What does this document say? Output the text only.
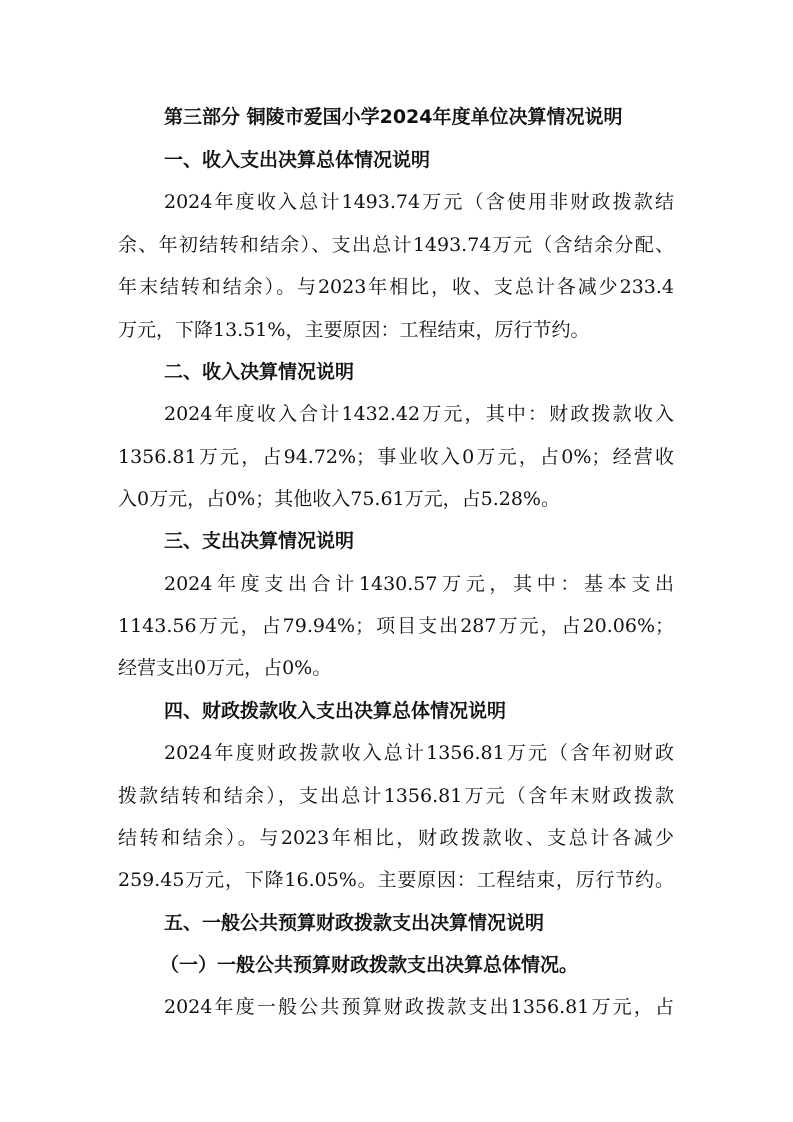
第三部分 铜陵市爱国小学2024年度单位决算情况说明
一、收入支出决算总体情况说明
2024年度收入总计1493.74万元（含使用非财政拨款结
余、年初结转和结余）、支出总计1493.74万元（含结余分配、
年末结转和结余）。与2023年相比，收、支总计各减少233.4
万元，下降13.51%，主要原因：工程结束，厉行节约。
二、收入决算情况说明
2024年度收入合计1432.42万元，其中：财政拨款收入
1356.81万元，占94.72%；事业收入0万元，占0%；经营收
入0万元，占0%；其他收入75.61万元，占5.28%。
三、支出决算情况说明
2024年度支出合计1430.57万元，其中：基本支出
1143.56万元，占79.94%；项目支出287万元，占20.06%；
经营支出0万元，占0%。
四、财政拨款收入支出决算总体情况说明
2024年度财政拨款收入总计1356.81万元（含年初财政
拨款结转和结余），支出总计1356.81万元（含年末财政拨款
结转和结余）。与2023年相比，财政拨款收、支总计各减少
259.45万元，下降16.05%。主要原因：工程结束，厉行节约。
五、一般公共预算财政拨款支出决算情况说明
（一）一般公共预算财政拨款支出决算总体情况。
2024年度一般公共预算财政拨款支出1356.81万元，占
